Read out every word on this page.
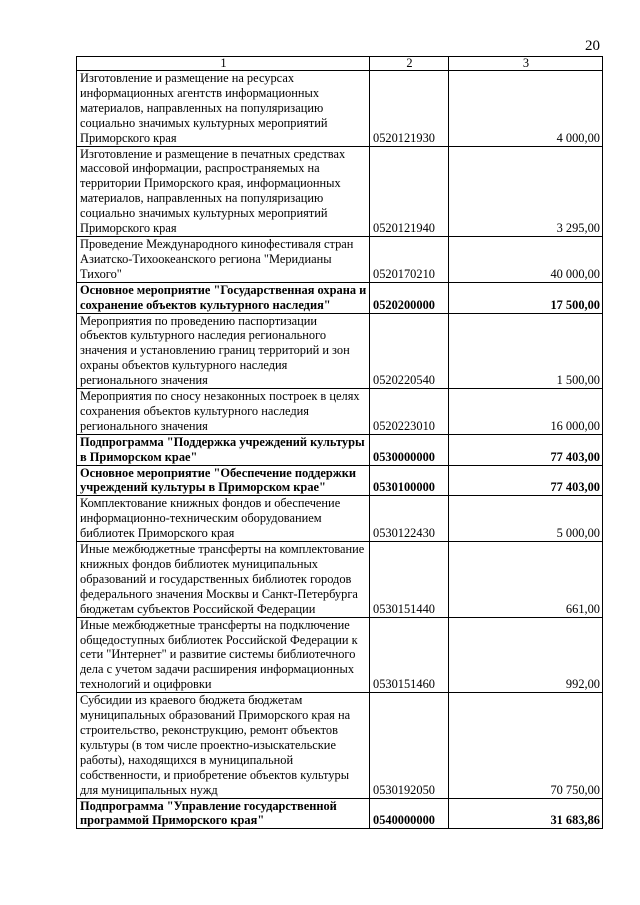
20
1	2	3
Изготовление и размещение на ресурсах информационных агентств информационных материалов, направленных на популяризацию социально значимых культурных мероприятий Приморского края	0520121930	4 000,00
Изготовление и размещение в печатных средствах массовой информации, распространяемых на территории Приморского края, информационных материалов, направленных на популяризацию социально значимых культурных мероприятий Приморского края	0520121940	3 295,00
Проведение Международного кинофестиваля стран Азиатско-Тихоокеанского региона "Меридианы Тихого"	0520170210	40 000,00
Основное мероприятие "Государственная охрана и сохранение объектов культурного наследия"	0520200000	17 500,00
Мероприятия по проведению паспортизации объектов культурного наследия регионального значения и установлению границ территорий и зон охраны объектов культурного наследия регионального значения	0520220540	1 500,00
Мероприятия по сносу незаконных построек в целях сохранения объектов культурного наследия регионального значения	0520223010	16 000,00
Подпрограмма "Поддержка учреждений культуры в Приморском крае"	0530000000	77 403,00
Основное мероприятие "Обеспечение поддержки учреждений культуры в Приморском крае"	0530100000	77 403,00
Комплектование книжных фондов и обеспечение информационно-техническим оборудованием библиотек Приморского края	0530122430	5 000,00
Иные межбюджетные трансферты на комплектование книжных фондов библиотек муниципальных образований и государственных библиотек городов федерального значения Москвы и Санкт-Петербурга бюджетам субъектов Российской Федерации	0530151440	661,00
Иные межбюджетные трансферты на подключение общедоступных библиотек Российской Федерации к сети "Интернет" и развитие системы библиотечного дела с учетом задачи расширения информационных технологий и оцифровки	0530151460	992,00
Субсидии из краевого бюджета бюджетам муниципальных образований Приморского края на строительство, реконструкцию, ремонт объектов культуры (в том числе проектно-изыскательские работы), находящихся в муниципальной собственности, и приобретение объектов культуры для муниципальных нужд	0530192050	70 750,00
Подпрограмма "Управление государственной программой Приморского края"	0540000000	31 683,86
